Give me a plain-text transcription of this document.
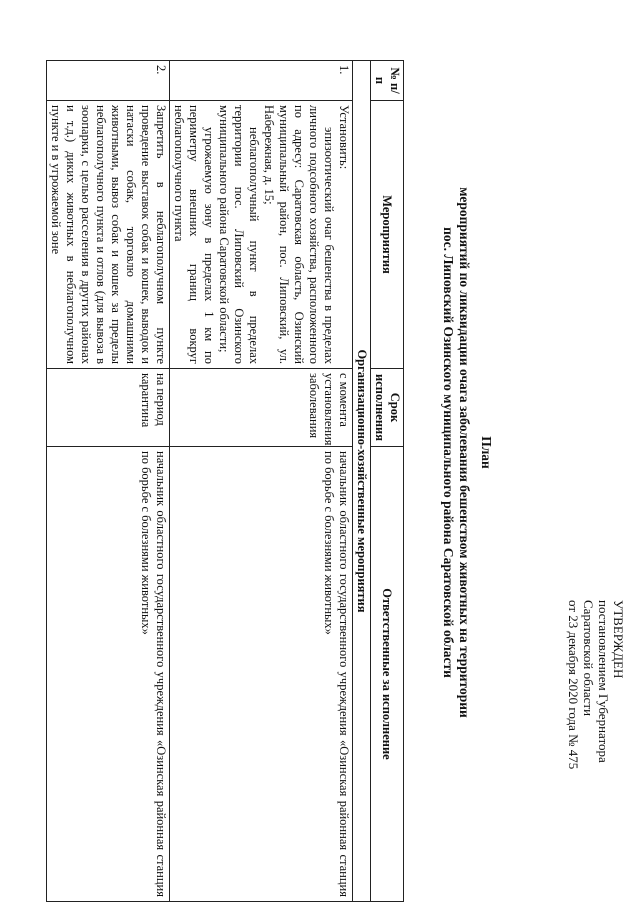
УТВЕРЖДЕН
постановлением Губернатора
Саратовской области
от 23 декабря 2020 года № 475
План
мероприятий по ликвидации очага заболевания бешенством животных на территории
пос. Липовский Озинского муниципального района Саратовской области
№ п/п	Мероприятия	Срок исполнения	Ответственные за исполнение
Организационно-хозяйственные мероприятия			
1.	Установить:

эпизоотический очаг бешенства в пределах личного подсобного хозяйства, расположенного по адресу: Саратовская область, Озинский муниципальный район, пос. Липовский, ул. Набережная, д. 15;

неблагополучный пункт в пределах территории пос. Липовский Озинского муниципального района Саратовской области;

угрожаемую зону в пределах 1 км по периметру внешних границ вокруг неблагополучного пункта	с момента установления заболевания	начальник областного государственного учреждения «Озинская районная станция по борьбе с болезнями животных»
2.	Запретить в неблагополучном пункте проведение выставок собак и кошек, выводок и натаски собак, торговлю домашними животными, вывоз собак и кошек за пределы неблагополучного пункта и отлов (для вывоза в зоопарки, с целью расселения в других районах и т.д.) диких животных в неблагополучном пункте и в угрожаемой зоне	на период карантина	начальник областного государственного учреждения «Озинская районная станция по борьбе с болезнями животных»
